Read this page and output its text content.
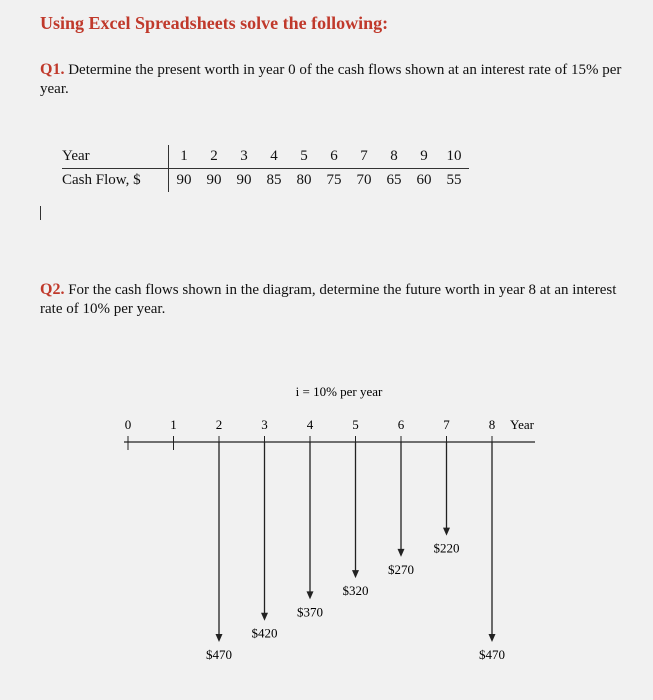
Using Excel Spreadsheets solve the following:
Q1. Determine the present worth in year 0 of the cash flows shown at an interest rate of 15% per year.
Year	1	2	3	4	5	6	7	8	9	10
Cash Flow, $	90	90	90	85	80	75	70	65	60	55
Q2. For the cash flows shown in the diagram, determine the future worth in year 8 at an interest rate of 10% per year.
i = 10% per year
Year
0	1	2	3	4	5	6	7	8
$470
$420
$370
$320
$270
$220
$470
